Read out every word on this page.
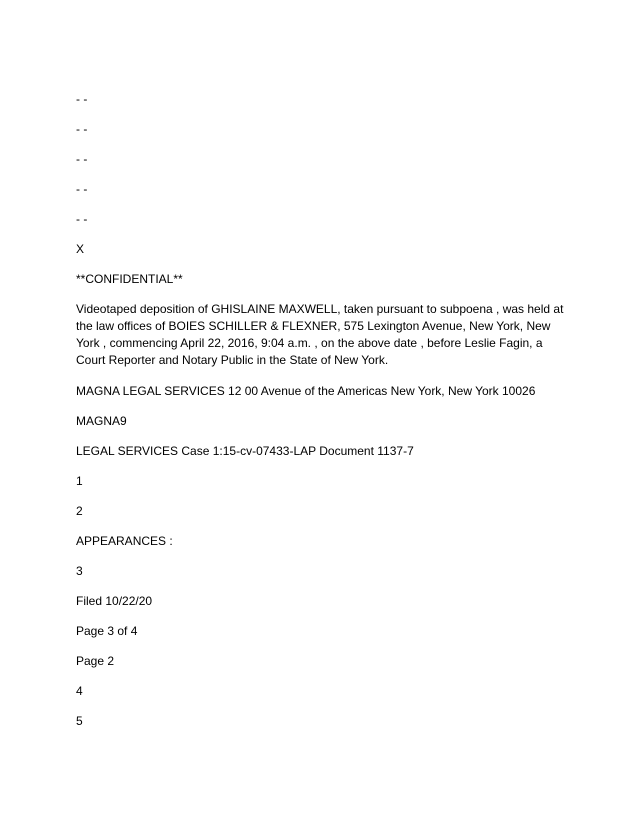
- -

- -

- -

- -

- -

X

**CONFIDENTIAL**

Videotaped deposition of GHISLAINE MAXWELL, taken pursuant to subpoena , was held at the law offices of BOIES SCHILLER & FLEXNER, 575 Lexington Avenue, New York, New York , commencing April 22, 2016, 9:04 a.m. , on the above date , before Leslie Fagin, a Court Reporter and Notary Public in the State of New York.

MAGNA LEGAL SERVICES 12 00 Avenue of the Americas New York, New York 10026

MAGNA9

LEGAL SERVICES Case 1:15-cv-07433-LAP Document 1137-7

1

2

APPEARANCES :

3

Filed 10/22/20

Page 3 of 4

Page 2

4

5
